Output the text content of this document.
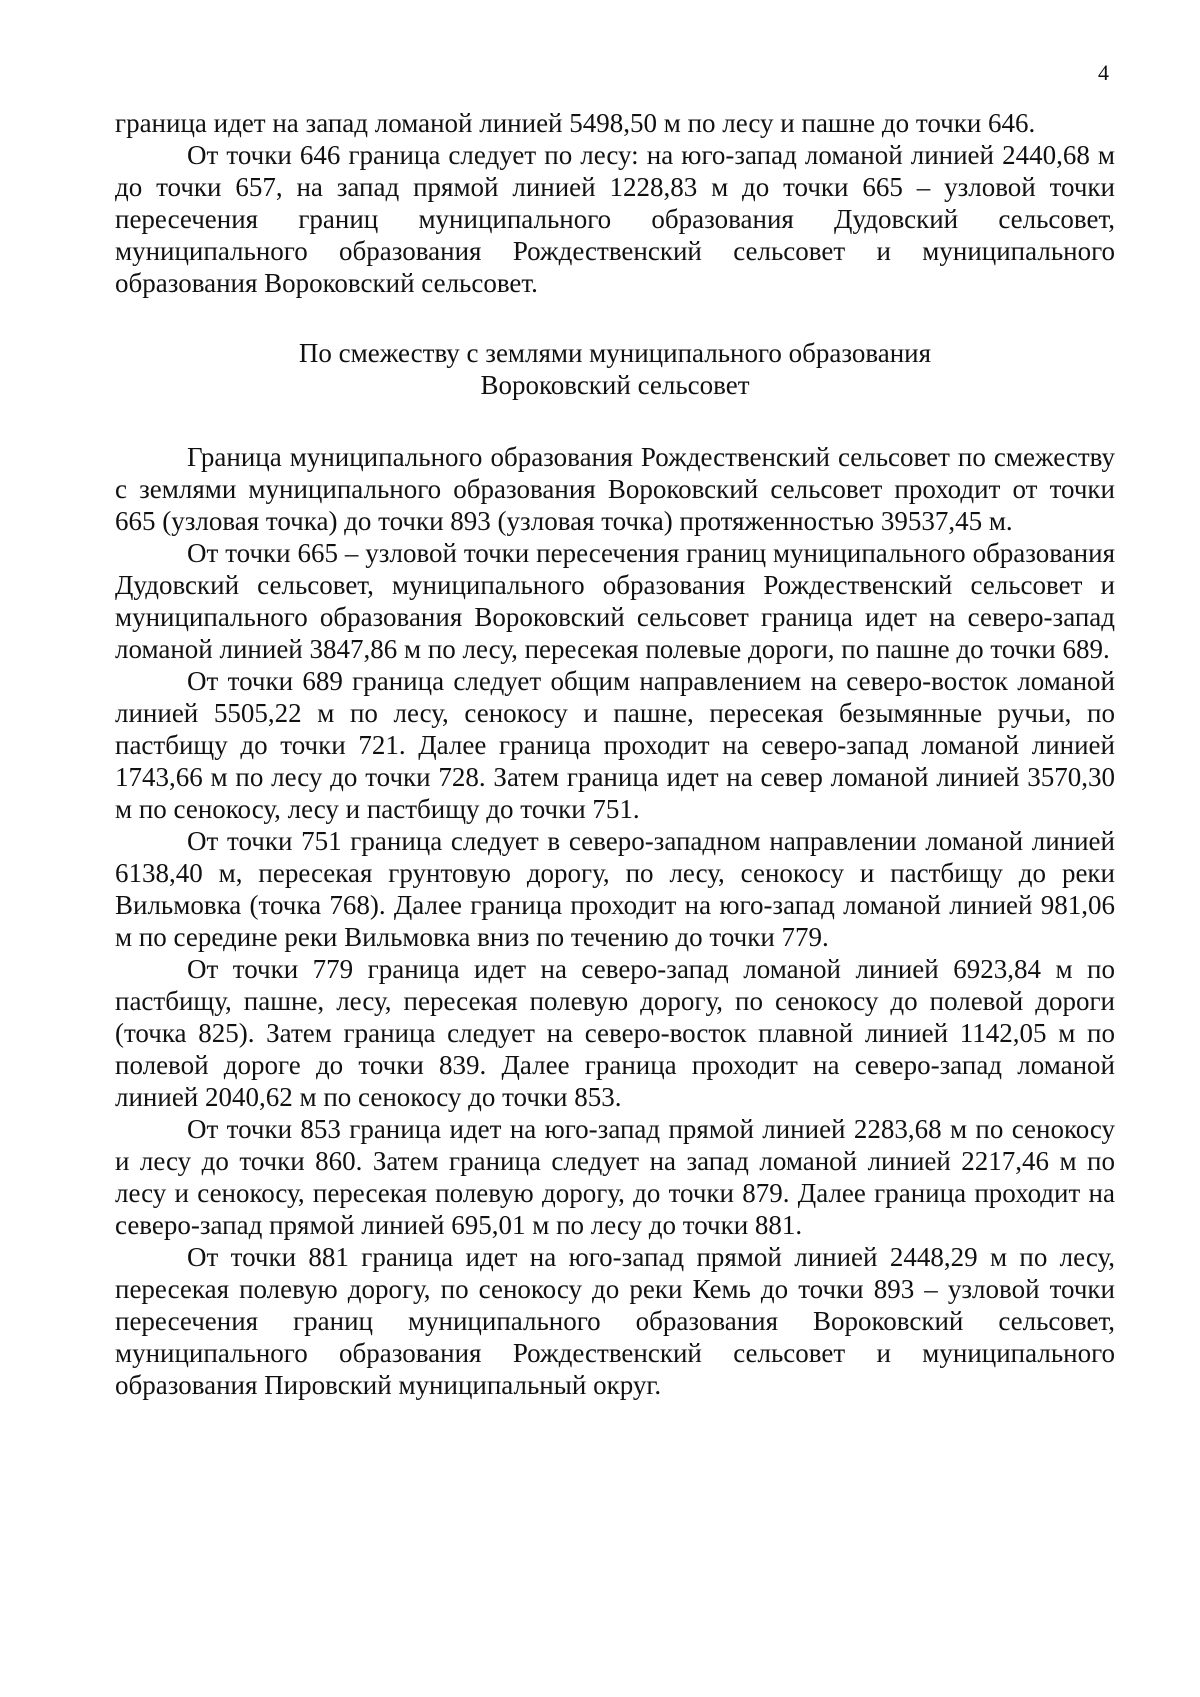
4

граница идет на запад ломаной линией 5498,50 м по лесу и пашне до точки 646.

От точки 646 граница следует по лесу: на юго-запад ломаной линией 2440,68 м до точки 657, на запад прямой линией 1228,83 м до точки 665 – узловой точки пересечения границ муниципального образования Дудовский сельсовет, муниципального образования Рождественский сельсовет и муниципального образования Вороковский сельсовет.

По смежеству с землями муниципального образования
Вороковский сельсовет

Граница муниципального образования Рождественский сельсовет по смежеству с землями муниципального образования Вороковский сельсовет проходит от точки 665 (узловая точка) до точки 893 (узловая точка) протяженностью 39537,45 м.

От точки 665 – узловой точки пересечения границ муниципального образования Дудовский сельсовет, муниципального образования Рождественский сельсовет и муниципального образования Вороковский сельсовет граница идет на северо-запад ломаной линией 3847,86 м по лесу, пересекая полевые дороги, по пашне до точки 689.

От точки 689 граница следует общим направлением на северо-восток ломаной линией 5505,22 м по лесу, сенокосу и пашне, пересекая безымянные ручьи, по пастбищу до точки 721. Далее граница проходит на северо-запад ломаной линией 1743,66 м по лесу до точки 728. Затем граница идет на север ломаной линией 3570,30 м по сенокосу, лесу и пастбищу до точки 751.

От точки 751 граница следует в северо-западном направлении ломаной линией 6138,40 м, пересекая грунтовую дорогу, по лесу, сенокосу и пастбищу до реки Вильмовка (точка 768). Далее граница проходит на юго-запад ломаной линией 981,06 м по середине реки Вильмовка вниз по течению до точки 779.

От точки 779 граница идет на северо-запад ломаной линией 6923,84 м по пастбищу, пашне, лесу, пересекая полевую дорогу, по сенокосу до полевой дороги (точка 825). Затем граница следует на северо-восток плавной линией 1142,05 м по полевой дороге до точки 839. Далее граница проходит на северо-запад ломаной линией 2040,62 м по сенокосу до точки 853.

От точки 853 граница идет на юго-запад прямой линией 2283,68 м по сенокосу и лесу до точки 860. Затем граница следует на запад ломаной линией 2217,46 м по лесу и сенокосу, пересекая полевую дорогу, до точки 879. Далее граница проходит на северо-запад прямой линией 695,01 м по лесу до точки 881.

От точки 881 граница идет на юго-запад прямой линией 2448,29 м по лесу, пересекая полевую дорогу, по сенокосу до реки Кемь до точки 893 – узловой точки пересечения границ муниципального образования Вороковский сельсовет, муниципального образования Рождественский сельсовет и муниципального образования Пировский муниципальный округ.
